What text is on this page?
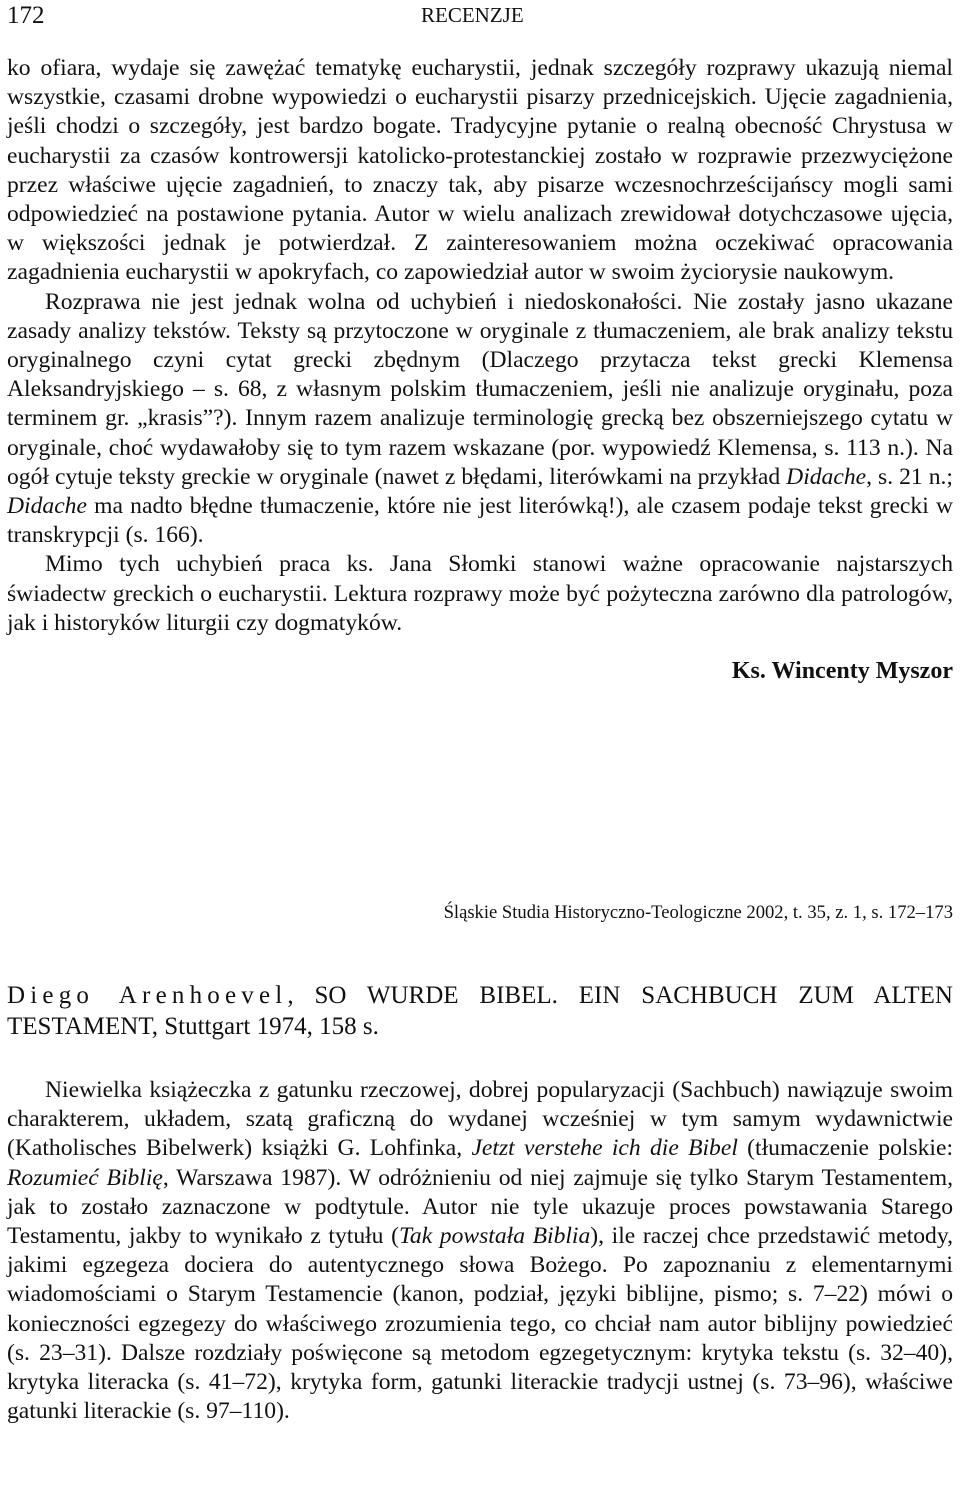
172	RECENZJE

ko ofiara, wydaje się zawężać tematykę eucharystii, jednak szczegóły rozprawy ukazują niemal wszystkie, czasami drobne wypowiedzi o eucharystii pisarzy przednicejskich. Ujęcie zagadnienia, jeśli chodzi o szczegóły, jest bardzo bogate. Tradycyjne pytanie o realną obecność Chrystusa w eucharystii za czasów kontrowersji katolicko-protestanckiej zostało w rozprawie przezwyciężone przez właściwe ujęcie zagadnień, to znaczy tak, aby pisarze wczesnochrześcijańscy mogli sami odpowiedzieć na postawione pytania. Autor w wielu analizach zrewidował dotychczasowe ujęcia, w większości jednak je potwierdzał. Z zainteresowaniem można oczekiwać opracowania zagadnienia eucharystii w apokryfach, co zapowiedział autor w swoim życiorysie naukowym.

Rozprawa nie jest jednak wolna od uchybień i niedoskonałości. Nie zostały jasno ukazane zasady analizy tekstów. Teksty są przytoczone w oryginale z tłumaczeniem, ale brak analizy tekstu oryginalnego czyni cytat grecki zbędnym (Dlaczego przytacza tekst grecki Klemensa Aleksandryjskiego – s. 68, z własnym polskim tłumaczeniem, jeśli nie analizuje oryginału, poza terminem gr. „krasis”?). Innym razem analizuje terminologię grecką bez obszerniejszego cytatu w oryginale, choć wydawałoby się to tym razem wskazane (por. wypowiedź Klemensa, s. 113 n.). Na ogół cytuje teksty greckie w oryginale (nawet z błędami, literówkami na przykład Didache, s. 21 n.; Didache ma nadto błędne tłumaczenie, które nie jest literówką!), ale czasem podaje tekst grecki w transkrypcji (s. 166).

Mimo tych uchybień praca ks. Jana Słomki stanowi ważne opracowanie najstarszych świadectw greckich o eucharystii. Lektura rozprawy może być pożyteczna zarówno dla patrologów, jak i historyków liturgii czy dogmatyków.

Ks. Wincenty Myszor
Śląskie Studia Historyczno-Teologiczne 2002, t. 35, z. 1, s. 172–173
Diego Arenhoevel, SO WURDE BIBEL. EIN SACHBUCH ZUM ALTEN TESTAMENT, Stuttgart 1974, 158 s.

Niewielka książeczka z gatunku rzeczowej, dobrej popularyzacji (Sachbuch) nawiązuje swoim charakterem, układem, szatą graficzną do wydanej wcześniej w tym samym wydawnictwie (Katholisches Bibelwerk) książki G. Lohfinka, Jetzt verstehe ich die Bibel (tłumaczenie polskie: Rozumieć Biblię, Warszawa 1987). W odróżnieniu od niej zajmuje się tylko Starym Testamentem, jak to zostało zaznaczone w podtytule. Autor nie tyle ukazuje proces powstawania Starego Testamentu, jakby to wynikało z tytułu (Tak powstała Biblia), ile raczej chce przedstawić metody, jakimi egzegeza dociera do autentycznego słowa Bożego. Po zapoznaniu z elementarnymi wiadomościami o Starym Testamencie (kanon, podział, języki biblijne, pismo; s. 7–22) mówi o konieczności egzegezy do właściwego zrozumienia tego, co chciał nam autor biblijny powiedzieć (s. 23–31). Dalsze rozdziały poświęcone są metodom egzegetycznym: krytyka tekstu (s. 32–40), krytyka literacka (s. 41–72), krytyka form, gatunki literackie tradycji ustnej (s. 73–96), właściwe gatunki literackie (s. 97–110).
